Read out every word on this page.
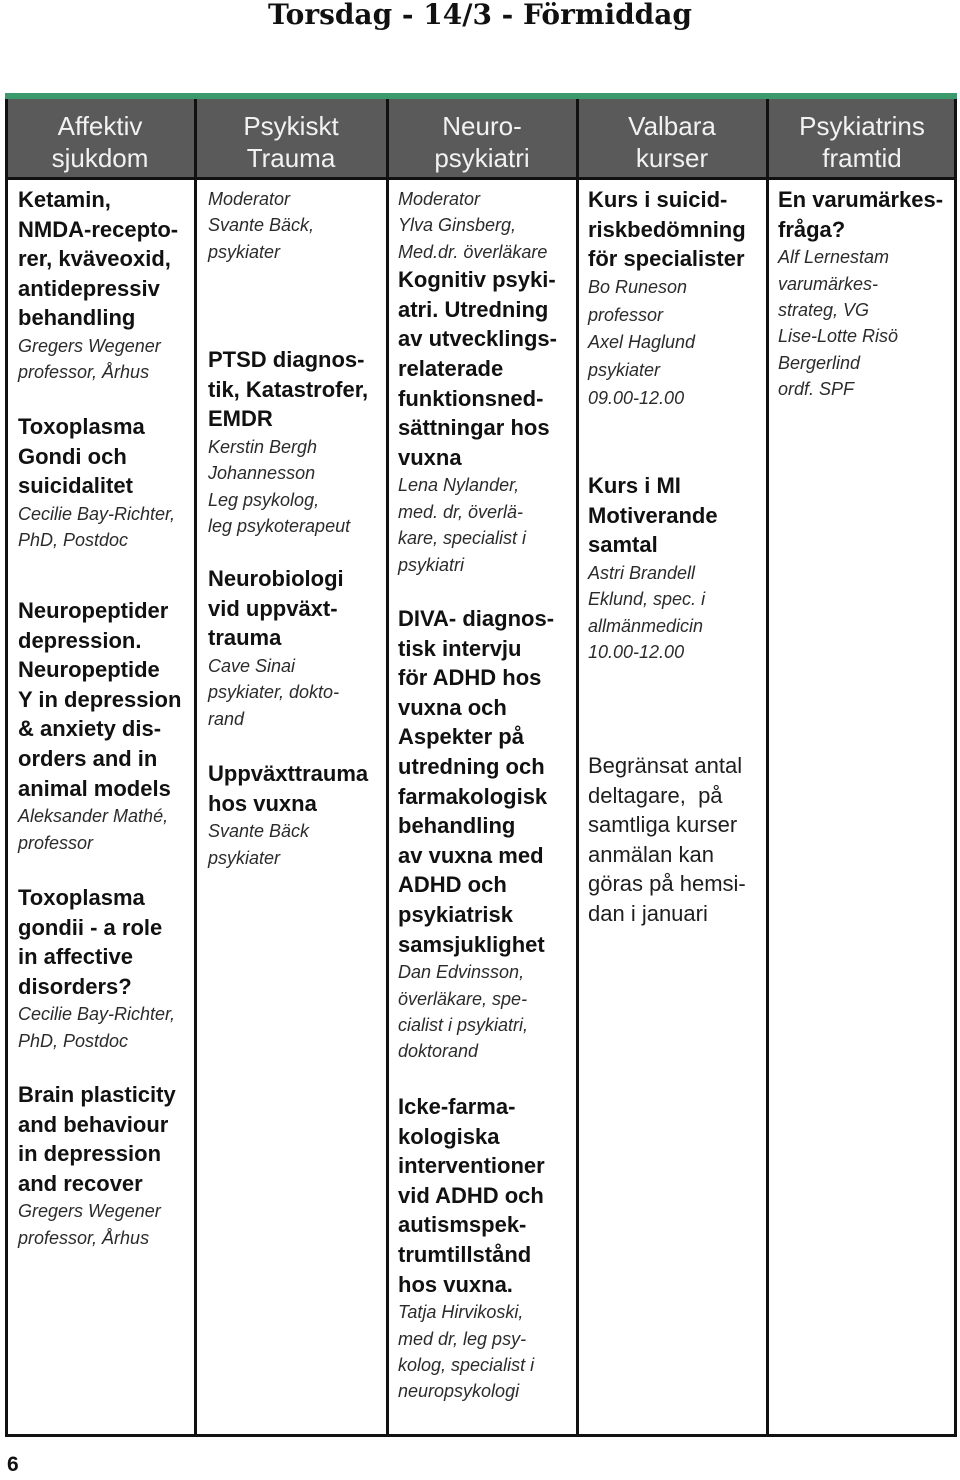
Torsdag - 14/3 - Förmiddag
Affektiv
sjukdom
Psykiskt
Trauma
Neuro-
psykiatri
Valbara
kurser
Psykiatrins
framtid
Ketamin,
NMDA-recepto-
rer, kväveoxid,
antidepressiv
behandling
Gregers Wegener
professor, Århus
Toxoplasma
Gondi och
suicidalitet
Cecilie Bay-Richter,
PhD, Postdoc
Neuropeptider
depression.
Neuropeptide
Y in depression
& anxiety dis-
orders and in
animal models
Aleksander Mathé,
professor
Toxoplasma
gondii - a role
in affective
disorders?
Cecilie Bay-Richter,
PhD, Postdoc
Brain plasticity
and behaviour
in depression
and recover
Gregers Wegener
professor, Århus
Moderator
Svante Bäck,
psykiater
PTSD diagnos-
tik, Katastrofer,
EMDR
Kerstin Bergh
Johannesson
Leg psykolog,
leg psykoterapeut
Neurobiologi
vid uppväxt-
trauma
Cave Sinai
psykiater, dokto-
rand
Uppväxttrauma
hos vuxna
Svante Bäck
psykiater
Moderator
Ylva Ginsberg,
Med.dr. överläkare
Kognitiv psyki-
atri. Utredning
av utvecklings-
relaterade
funktionsned-
sättningar hos
vuxna
Lena Nylander,
med. dr, överlä-
kare, specialist i
psykiatri
DIVA- diagnos-
tisk intervju
för ADHD hos
vuxna och
Aspekter på
utredning och
farmakologisk
behandling
av vuxna med
ADHD och
psykiatrisk
samsjuklighet
Dan Edvinsson,
överläkare, spe-
cialist i psykiatri,
doktorand
Icke-farma-
kologiska
interventioner
vid ADHD och
autismspek-
trumtillstånd
hos vuxna.
Tatja Hirvikoski,
med dr, leg psy-
kolog, specialist i
neuropsykologi
Kurs i suicid-
riskbedömning
för specialister
Bo Runeson
professor
Axel Haglund
psykiater
09.00-12.00
Kurs i MI
Motiverande
samtal
Astri Brandell
Eklund, spec. i
allmänmedicin
10.00-12.00
Begränsat antal
deltagare,  på
samtliga kurser
anmälan kan
göras på hemsi-
dan i januari
En varumärkes-
fråga?
Alf Lernestam
varumärkes-
strateg, VG
Lise-Lotte Risö
Bergerlind
ordf. SPF
6
